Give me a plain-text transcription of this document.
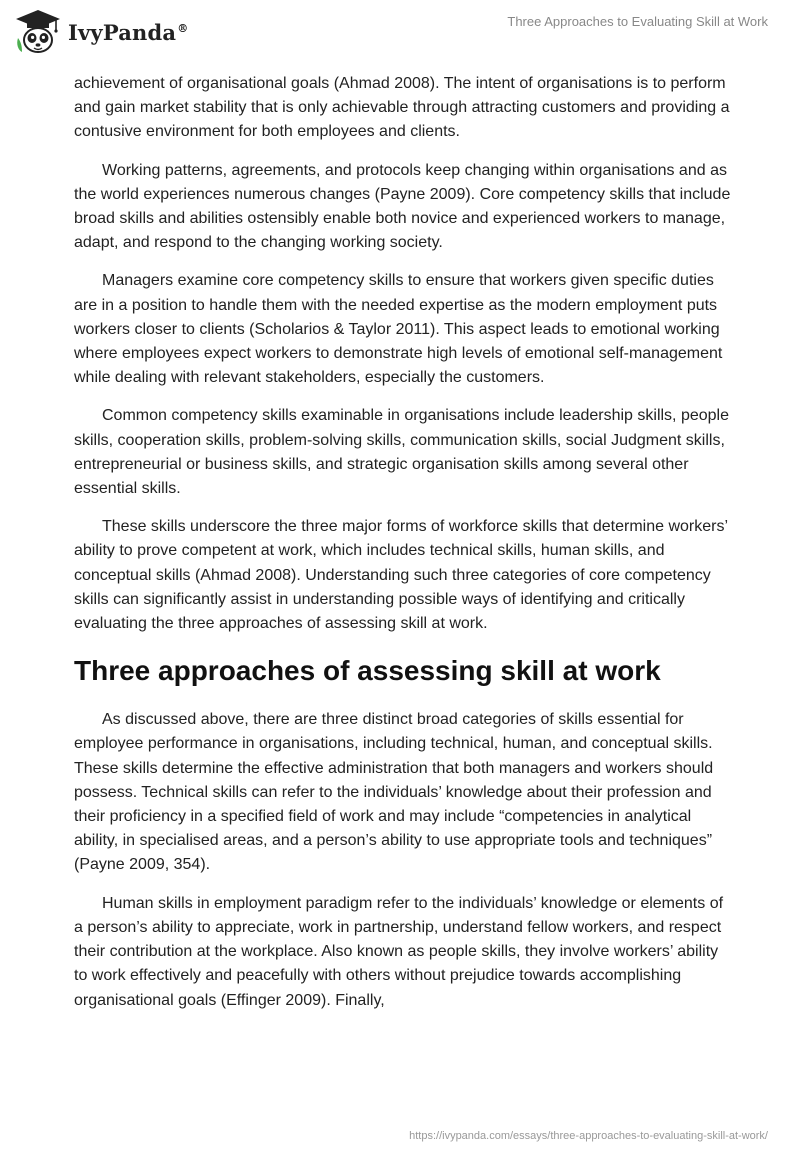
IvyPanda®	Three Approaches to Evaluating Skill at Work

achievement of organisational goals (Ahmad 2008). The intent of organisations is to perform and gain market stability that is only achievable through attracting customers and providing a contusive environment for both employees and clients.

Working patterns, agreements, and protocols keep changing within organisations and as the world experiences numerous changes (Payne 2009). Core competency skills that include broad skills and abilities ostensibly enable both novice and experienced workers to manage, adapt, and respond to the changing working society.

Managers examine core competency skills to ensure that workers given specific duties are in a position to handle them with the needed expertise as the modern employment puts workers closer to clients (Scholarios & Taylor 2011). This aspect leads to emotional working where employees expect workers to demonstrate high levels of emotional self-management while dealing with relevant stakeholders, especially the customers.

Common competency skills examinable in organisations include leadership skills, people skills, cooperation skills, problem-solving skills, communication skills, social Judgment skills, entrepreneurial or business skills, and strategic organisation skills among several other essential skills.

These skills underscore the three major forms of workforce skills that determine workers’ ability to prove competent at work, which includes technical skills, human skills, and conceptual skills (Ahmad 2008). Understanding such three categories of core competency skills can significantly assist in understanding possible ways of identifying and critically evaluating the three approaches of assessing skill at work.

Three approaches of assessing skill at work

As discussed above, there are three distinct broad categories of skills essential for employee performance in organisations, including technical, human, and conceptual skills. These skills determine the effective administration that both managers and workers should possess. Technical skills can refer to the individuals’ knowledge about their profession and their proficiency in a specified field of work and may include “competencies in analytical ability, in specialised areas, and a person’s ability to use appropriate tools and techniques” (Payne 2009, 354).

Human skills in employment paradigm refer to the individuals’ knowledge or elements of a person’s ability to appreciate, work in partnership, understand fellow workers, and respect their contribution at the workplace. Also known as people skills, they involve workers’ ability to work effectively and peacefully with others without prejudice towards accomplishing organisational goals (Effinger 2009). Finally,

https://ivypanda.com/essays/three-approaches-to-evaluating-skill-at-work/
